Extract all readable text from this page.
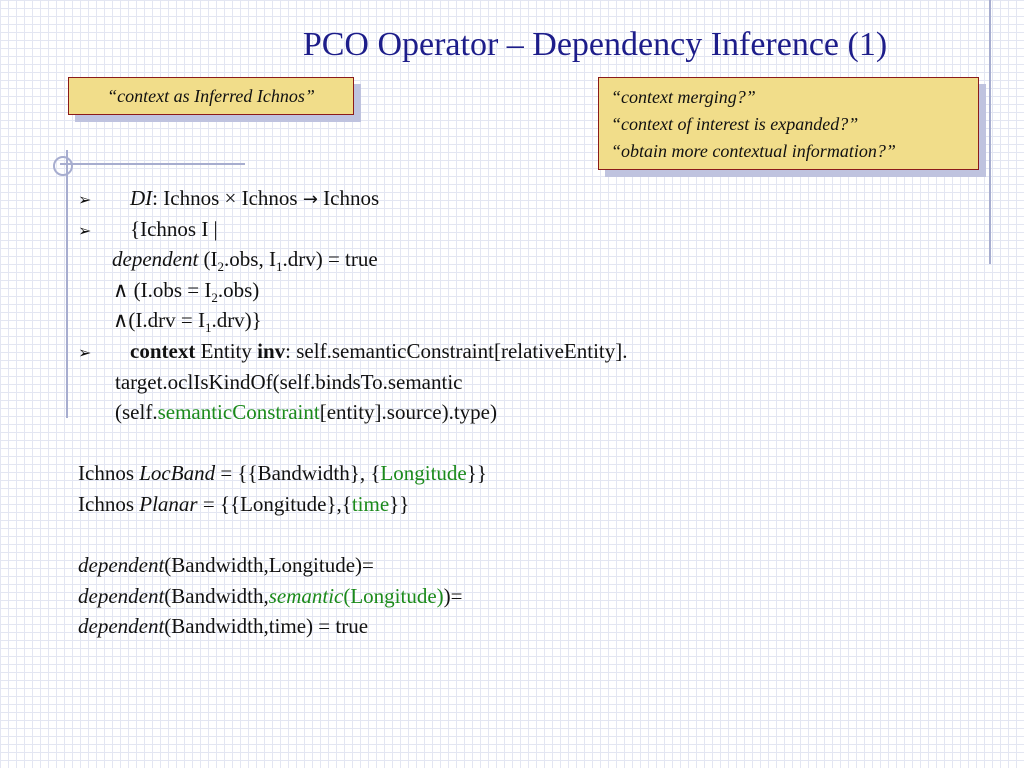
PCO Operator – Dependency Inference (1)
“context as Inferred Ichnos”	“context merging?”
“context of interest is expanded?”
“obtain more contextual information?”
➢ DI: Ichnos × Ichnos → Ichnos
➢ {Ichnos I |
dependent ($I_2.obs$, $I_1.drv$) = true
∧ $(I.obs = I_2.obs)$
∧(I.drv = $I_1.drv$)}
➢ context Entity inv: self.semanticConstraint[relativeEntity].
target.oclIsKindOf(self.bindsTo.semantic
(self.semanticConstraint[entity].source).type)
Ichnos LocBand = {{Bandwidth}, {Longitude}}
Ichnos Planar = {{Longitude},{time}}
dependent(Bandwidth,Longitude)=
dependent(Bandwidth,semantic(Longitude))=
dependent(Bandwidth,time) = true
